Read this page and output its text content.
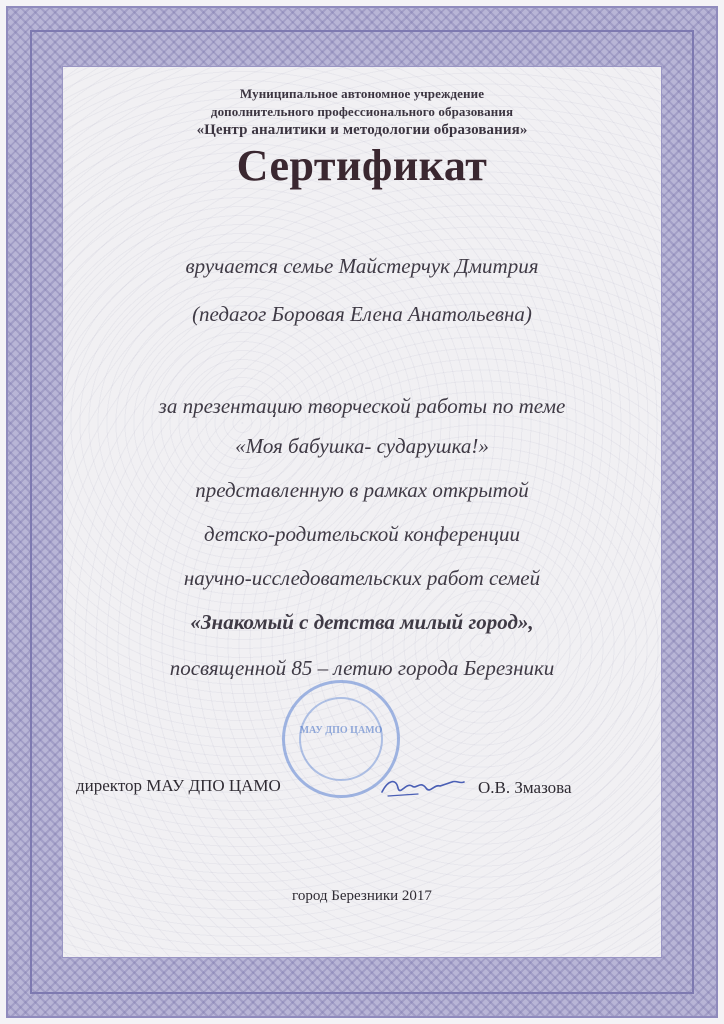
Муниципальное автономное учреждение
дополнительного профессионального образования
«Центр аналитики и методологии образования»
Сертификат
вручается семье Майстерчук Дмитрия
(педагог Боровая Елена Анатольевна)
за презентацию творческой работы по теме
«Моя бабушка- сударушка!»
представленную в рамках открытой
детско-родительской конференции
научно-исследовательских работ семей
«Знакомый с детства милый город»,
посвященной 85 – летию города Березники
МАУ ДПО ЦАМО
директор МАУ ДПО ЦАМО	О.В. Змазова
город Березники 2017
